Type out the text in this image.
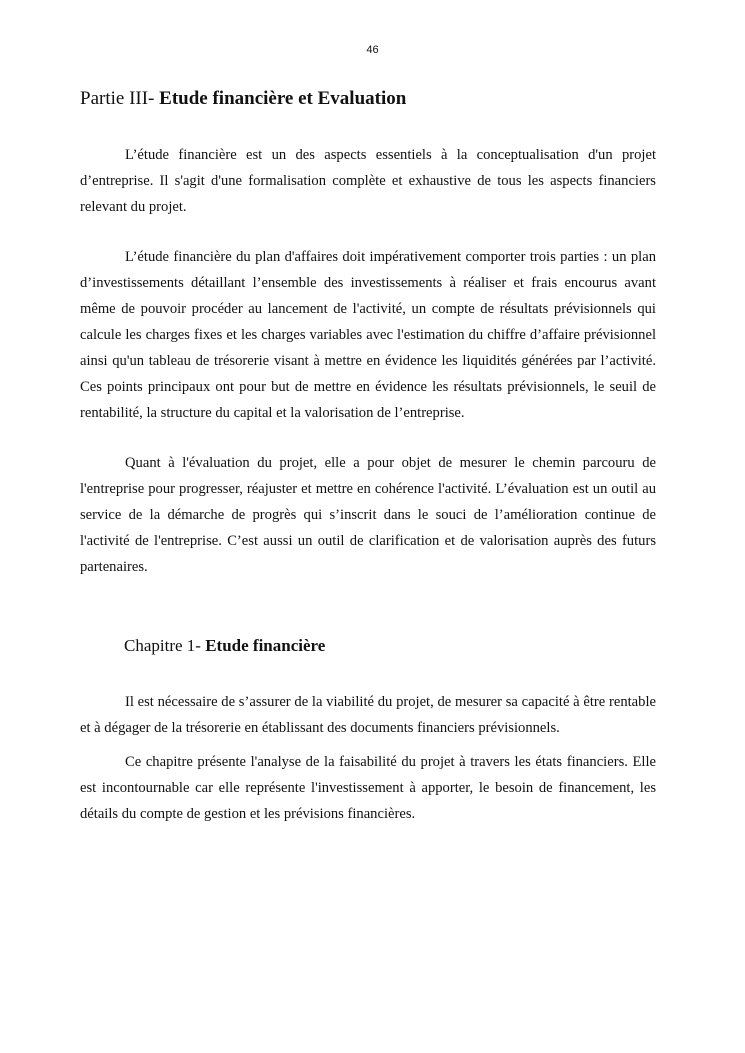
46
Partie III- Etude financière et Evaluation

L’étude financière est un des aspects essentiels à la conceptualisation d'un projet d’entreprise. Il s'agit d'une formalisation complète et exhaustive de tous les aspects financiers relevant du projet.

L’étude financière du plan d'affaires doit impérativement comporter trois parties : un plan d’investissements détaillant l’ensemble des investissements à réaliser et frais encourus avant même de pouvoir procéder au lancement de l'activité, un compte de résultats prévisionnels qui calcule les charges fixes et les charges variables avec l'estimation du chiffre d’affaire prévisionnel ainsi qu'un tableau de trésorerie visant à mettre en évidence les liquidités générées par l’activité. Ces points principaux ont pour but de mettre en évidence les résultats prévisionnels, le seuil de rentabilité, la structure du capital et la valorisation de l’entreprise.

Quant à l'évaluation du projet, elle a pour objet de mesurer le chemin parcouru de l'entreprise pour progresser, réajuster et mettre en cohérence l'activité. L’évaluation est un outil au service de la démarche de progrès qui s’inscrit dans le souci de l’amélioration continue de l'activité de l'entreprise. C’est aussi un outil de clarification et de valorisation auprès des futurs partenaires.

Chapitre 1- Etude financière

Il est nécessaire de s’assurer de la viabilité du projet, de mesurer sa capacité à être rentable et à dégager de la trésorerie en établissant des documents financiers prévisionnels.

Ce chapitre présente l'analyse de la faisabilité du projet à travers les états financiers. Elle est incontournable car elle représente l'investissement à apporter, le besoin de financement, les détails du compte de gestion et les prévisions financières.
